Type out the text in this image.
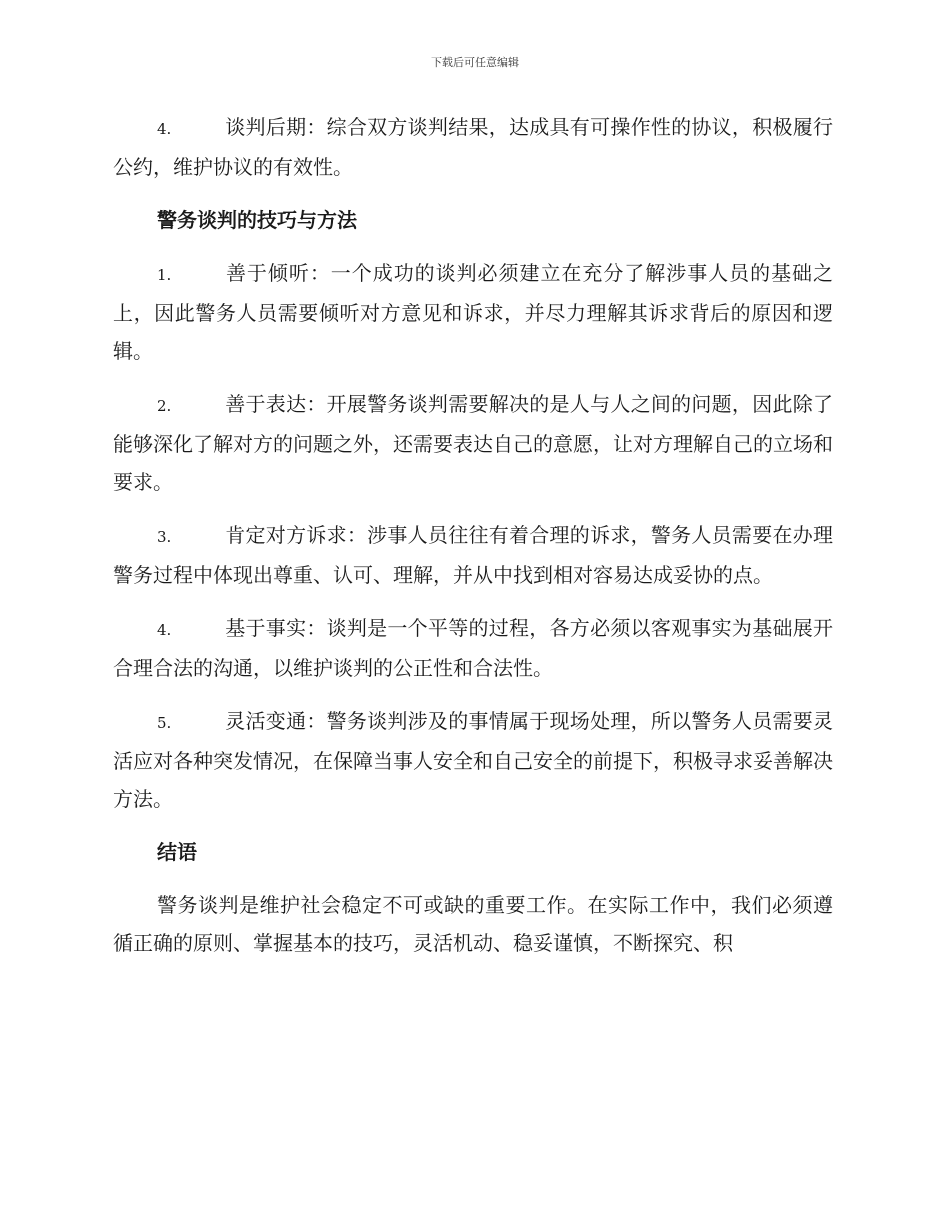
下载后可任意编辑

4.	谈判后期：综合双方谈判结果，达成具有可操作性的协议，积极履行公约，维护协议的有效性。

警务谈判的技巧与方法

1.	善于倾听：一个成功的谈判必须建立在充分了解涉事人员的基础之上，因此警务人员需要倾听对方意见和诉求，并尽力理解其诉求背后的原因和逻辑。

2.	善于表达：开展警务谈判需要解决的是人与人之间的问题，因此除了能够深化了解对方的问题之外，还需要表达自己的意愿，让对方理解自己的立场和要求。

3.	肯定对方诉求：涉事人员往往有着合理的诉求，警务人员需要在办理警务过程中体现出尊重、认可、理解，并从中找到相对容易达成妥协的点。

4.	基于事实：谈判是一个平等的过程，各方必须以客观事实为基础展开合理合法的沟通，以维护谈判的公正性和合法性。

5.	灵活变通：警务谈判涉及的事情属于现场处理，所以警务人员需要灵活应对各种突发情况，在保障当事人安全和自己安全的前提下，积极寻求妥善解决方法。

结语

警务谈判是维护社会稳定不可或缺的重要工作。在实际工作中，我们必须遵循正确的原则、掌握基本的技巧，灵活机动、稳妥谨慎，不断探究、积
